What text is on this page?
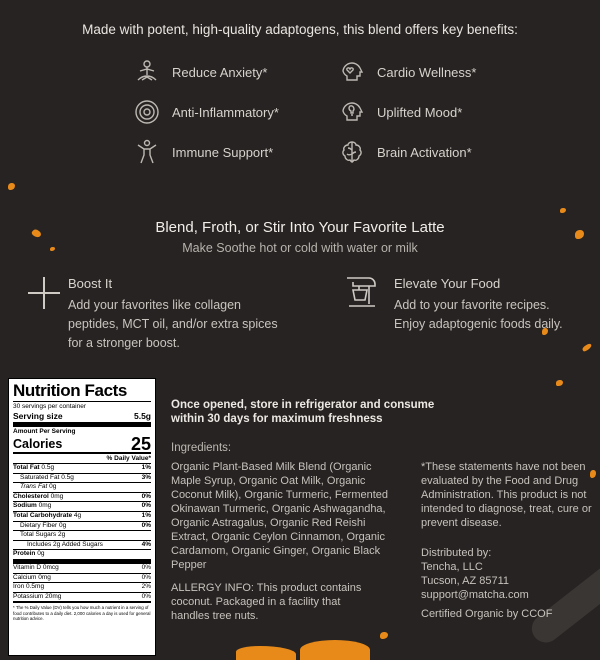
Made with potent, high-quality adaptogens, this blend offers key benefits:
Reduce Anxiety*	Cardio Wellness*
Anti-Inflammatory*	Uplifted Mood*
Immune Support*	Brain Activation*
Blend, Froth, or Stir Into Your Favorite Latte
Make Soothe hot or cold with water or milk
Boost It
Add your favorites like collagen
peptides, MCT oil, and/or extra spices
for a stronger boost.
Elevate Your Food
Add to your favorite recipes.
Enjoy adaptogenic foods daily.
Nutrition Facts
30 servings per container
Serving size	5.5g
Amount Per Serving
Calories	25
% Daily Value*
Total Fat 0.5g	1%
Saturated Fat 0.5g	3%
Trans Fat 0g
Cholesterol 0mg	0%
Sodium 0mg	0%
Total Carbohydrate 4g	1%
Dietary Fiber 0g	0%
Total Sugars 2g
Includes 2g Added Sugars	4%
Protein 0g
Vitamin D 0mcg	0%
Calcium 0mg	0%
Iron 0.5mg	2%
Potassium 20mg	0%
* The % Daily Value (DV) tells you how much a nutrient in a serving of food contributes to a daily diet. 2,000 calories a day is used for general nutrition advice.
Once opened, store in refrigerator and consume within 30 days for maximum freshness
Ingredients:
Organic Plant-Based Milk Blend (Organic Maple Syrup, Organic Oat Milk, Organic Coconut Milk), Organic Turmeric, Fermented Okinawan Turmeric, Organic Ashwagandha, Organic Astragalus, Organic Red Reishi Extract, Organic Ceylon Cinnamon, Organic Cardamom, Organic Ginger, Organic Black Pepper
ALLERGY INFO: This product contains coconut. Packaged in a facility that handles tree nuts.
*These statements have not been evaluated by the Food and Drug Administration. This product is not intended to diagnose, treat, cure or prevent disease.
Distributed by:
Tencha, LLC
Tucson, AZ 85711
support@matcha.com
Certified Organic by CCOF
